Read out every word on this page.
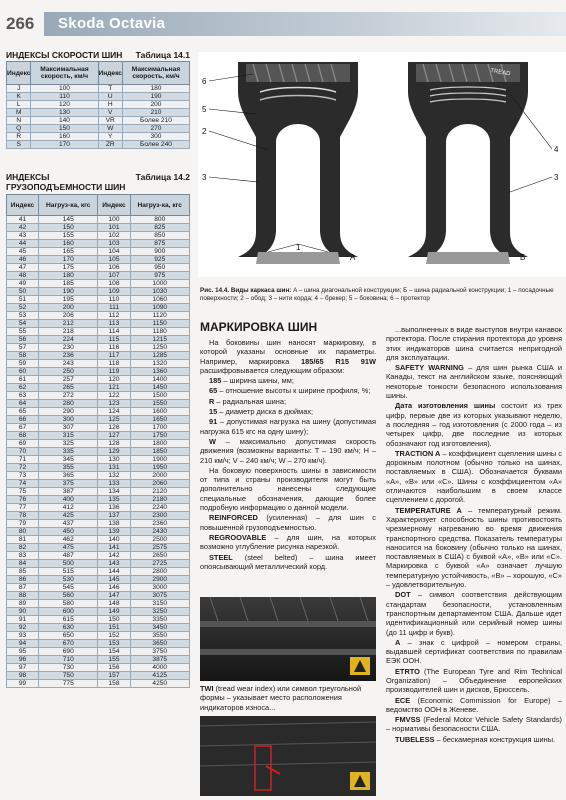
266 Skoda Octavia
ИНДЕКСЫ СКОРОСТИ ШИН Таблица 14.1
Индекс	Максимальная скорость, км/ч	Индекс	Максимальная скорость, км/ч
J	100	T	180
K	110	U	190
L	120	H	200
M	130	V	210
N	140	VR	Более 210
Q	150	W	270
R	160	Y	300
S	170	ZR	Более 240
ИНДЕКСЫ
ГРУЗОПОДЪЕМНОСТИ ШИН
Таблица 14.2
Индекс	Нагруз-ка, кгс	Индекс	Нагруз-ка, кгс
41	145	100	800
42	150	101	825
43	155	102	850
44	160	103	875
45	165	104	900
46	170	105	925
47	175	106	950
48	180	107	975
49	185	108	1000
50	190	109	1030
51	195	110	1060
52	200	111	1090
53	206	112	1120
54	212	113	1150
55	218	114	1180
56	224	115	1215
57	230	116	1250
58	236	117	1285
59	243	118	1320
60	250	119	1360
61	257	120	1400
62	265	121	1450
63	272	122	1500
64	280	123	1550
65	290	124	1600
66	300	125	1650
67	307	126	1700
68	315	127	1750
69	325	128	1800
70	335	129	1850
71	345	130	1900
72	355	131	1950
73	365	132	2000
74	375	133	2060
75	387	134	2120
76	400	135	2180
77	412	136	2240
78	425	137	2300
79	437	138	2360
80	450	139	2430
81	462	140	2500
82	475	141	2575
83	487	142	2650
84	500	143	2725
85	515	144	2800
86	530	145	2900
87	545	146	3000
88	560	147	3075
89	580	148	3150
90	600	149	3250
91	615	150	3350
92	630	151	3450
93	650	152	3550
94	670	153	3650
95	690	154	3750
96	710	155	3875
97	730	156	4000
98	750	157	4125
99	775	158	4250
TREAD
6
5
2
3
4
3
1
А	Б
Рис. 14.4. Виды каркаса шин: A – шина диагональной конструкции; Б – шина радиальной конструкции; 1 – посадочные поверхности; 2 – обод; 3 – нити корда; 4 – брекер; 5 – боковина; 6 – протектор
МАРКИРОВКА ШИН

На боковины шин наносят маркировку, в которой указаны основные их параметры. Например, маркировка 185/65 R15 91W расшифровывается следующим образом:

185 – ширина шины, мм;

65 – отношение высоты к ширине профиля, %;

R – радиальная шина;

15 – диаметр диска в дюймах;

91 – допустимая нагрузка на шину (допустимая нагрузка 615 кгс на одну шину);

W – максимально допустимая скорость движения (возможны варианты: T – 190 км/ч; H – 210 км/ч; V – 240 км/ч; W – 270 км/ч).

На боковую поверхность шины в зависимости от типа и страны производителя могут быть дополнительно нанесены следующие специальные обозначения, дающие более подробную информацию о данной модели.

REINFORCED (усиленная) – для шин с повышенной грузоподъемностью.

REGROOVABLE – для шин, на которых возможно углубление рисунка нарезкой.

STEEL (steel belted) – шина имеет опоясывающий металлический корд.

TWI (tread wear index) или символ треугольной формы – указывает место расположения индикаторов износа...

...выполненных в виде выступов внутри канавок протектора. После стирания протектора до уровня этих индикаторов шина считается непригодной для эксплуатации.

SAFETY WARNING – для шин рынка США и Канады, текст на английском языке, поясняющий некоторые тонкости безопасного использования шины.

Дата изготовления шины состоит из трех цифр, первые две из которых указывают неделю, а последняя – год изготовления (с 2000 года – из четырех цифр, две последние из которых обозначают год изготовления).

TRACTION A – коэффициент сцепления шины с дорожным полотном (обычно только на шинах, поставляемых в США). Обозначается буквами «A», «B» или «C». Шины с коэффициентом «A» отличаются наибольшим в своем классе сцеплением с дорогой.

TEMPERATURE A – температурный режим. Характеризует способность шины противостоять чрезмерному нагреванию во время движения транспортного средства. Показатель температуры наносится на боковину (обычно только на шинах, поставляемых в США) с буквой «A», «B» или «C». Маркировка с буквой «A» означает лучшую температурную устойчивость, «B» – хорошую, «C» – удовлетворительную.

DOT – символ соответствия действующим стандартам безопасности, установленным транспортным департаментом США. Дальше идет идентификационный или серийный номер шины (до 11 цифр и букв).

A – знак с цифрой – номером страны, выдавшей сертификат соответствия по правилам ЕЭК ООН.

ETRTO (The European Tyre and Rim Technical Organization) – Объединение европейских производителей шин и дисков, Брюссель.

ECE (Economic Commission for Europe) – ведомство ООН в Женеве.

FMVSS (Federal Motor Vehicle Safety Standards) – нормативы безопасности США.

TUBELESS – бескамерная конструкция шины.
